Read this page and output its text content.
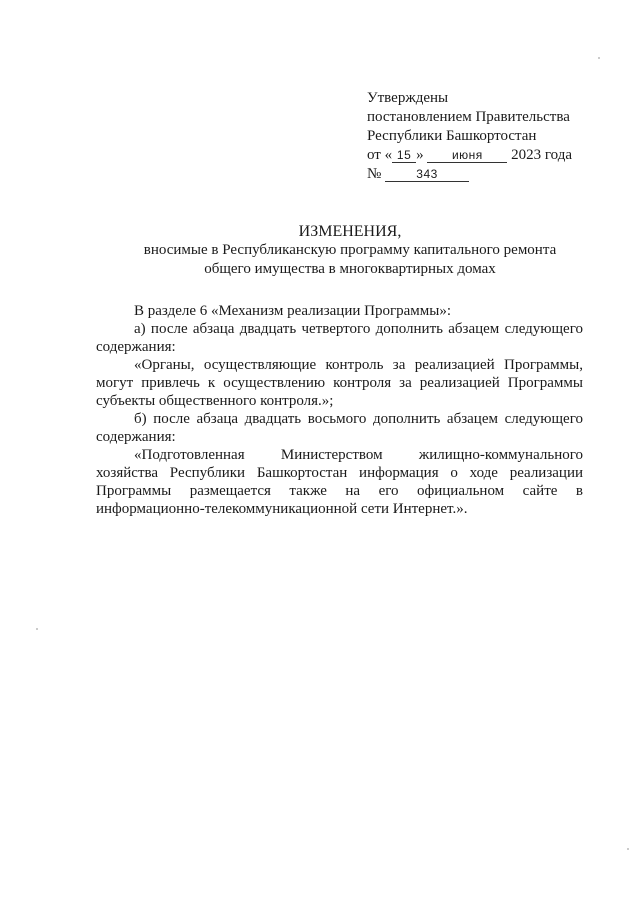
Утверждены
постановлением Правительства
Республики Башкортостан
от « 15 » июня 2023 года
№	343
ИЗМЕНЕНИЯ,
вносимые в Республиканскую программу капитального ремонта
общего имущества в многоквартирных домах

В разделе 6 «Механизм реализации Программы»:

а) после абзаца двадцать четвертого дополнить абзацем следующего содержания:

«Органы, осуществляющие контроль за реализацией Программы, могут привлечь к осуществлению контроля за реализацией Программы субъекты общественного контроля.»;

б) после абзаца двадцать восьмого дополнить абзацем следующего содержания:

«Подготовленная Министерством жилищно-коммунального хозяйства Республики Башкортостан информация о ходе реализации Программы размещается также на его официальном сайте в информационно-телекоммуникационной сети Интернет.».
